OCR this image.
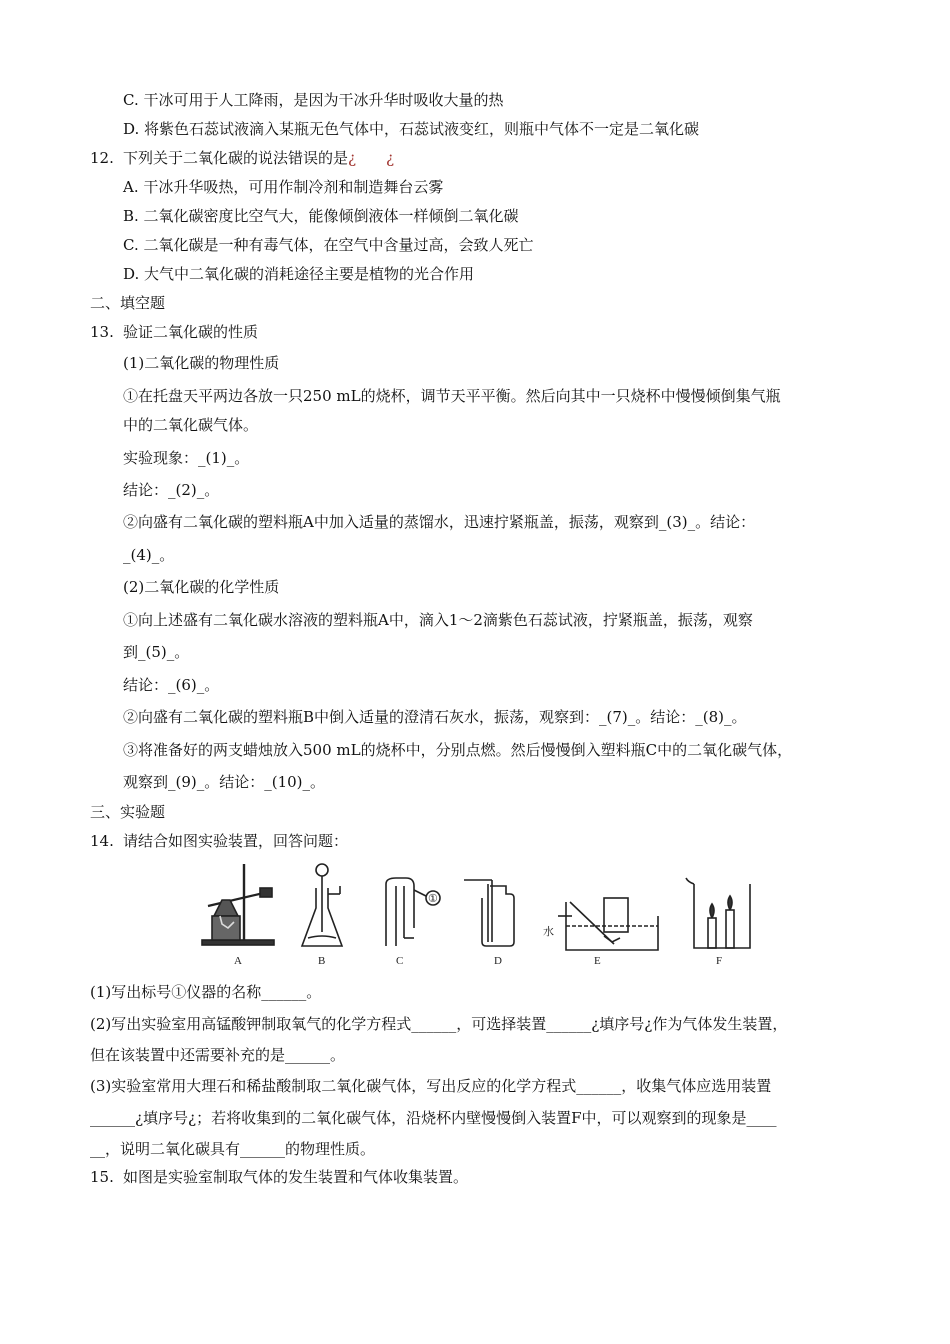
C. 干冰可用于人工降雨，是因为干冰升华时吸收大量的热
D. 将紫色石蕊试液滴入某瓶无色气体中，石蕊试液变红，则瓶中气体不一定是二氧化碳
12. 下列关于二氧化碳的说法错误的是¿　　¿
A. 干冰升华吸热，可用作制冷剂和制造舞台云雾
B. 二氧化碳密度比空气大，能像倾倒液体一样倾倒二氧化碳
C. 二氧化碳是一种有毒气体，在空气中含量过高，会致人死亡
D. 大气中二氧化碳的消耗途径主要是植物的光合作用
二、填空题
13. 验证二氧化碳的性质
(1)二氧化碳的物理性质
①在托盘天平两边各放一只250 mL的烧杯，调节天平平衡。然后向其中一只烧杯中慢慢倾倒集气瓶
中的二氧化碳气体。
实验现象：_(1)_。
结论：_(2)_。
②向盛有二氧化碳的塑料瓶A中加入适量的蒸馏水，迅速拧紧瓶盖，振荡，观察到_(3)_。结论：
_(4)_。
(2)二氧化碳的化学性质
①向上述盛有二氧化碳水溶液的塑料瓶A中，滴入1～2滴紫色石蕊试液，拧紧瓶盖，振荡，观察
到_(5)_。
结论：_(6)_。
②向盛有二氧化碳的塑料瓶B中倒入适量的澄清石灰水，振荡，观察到：_(7)_。结论：_(8)_。
③将准备好的两支蜡烛放入500 mL的烧杯中，分别点燃。然后慢慢倒入塑料瓶C中的二氧化碳气体，
观察到_(9)_。结论：_(10)_。
三、实验题
14. 请结合如图实验装置，回答问题：
A	B	C	D	E	F
①
水
(1)写出标号①仪器的名称______。
(2)写出实验室用高锰酸钾制取氧气的化学方程式______，可选择装置______¿填序号¿作为气体发生装置，
但在该装置中还需要补充的是______。
(3)实验室常用大理石和稀盐酸制取二氧化碳气体，写出反应的化学方程式______，收集气体应选用装置
______¿填序号¿；若将收集到的二氧化碳气体，沿烧杯内壁慢慢倒入装置F中，可以观察到的现象是____
__，说明二氧化碳具有______的物理性质。
15. 如图是实验室制取气体的发生装置和气体收集装置。
